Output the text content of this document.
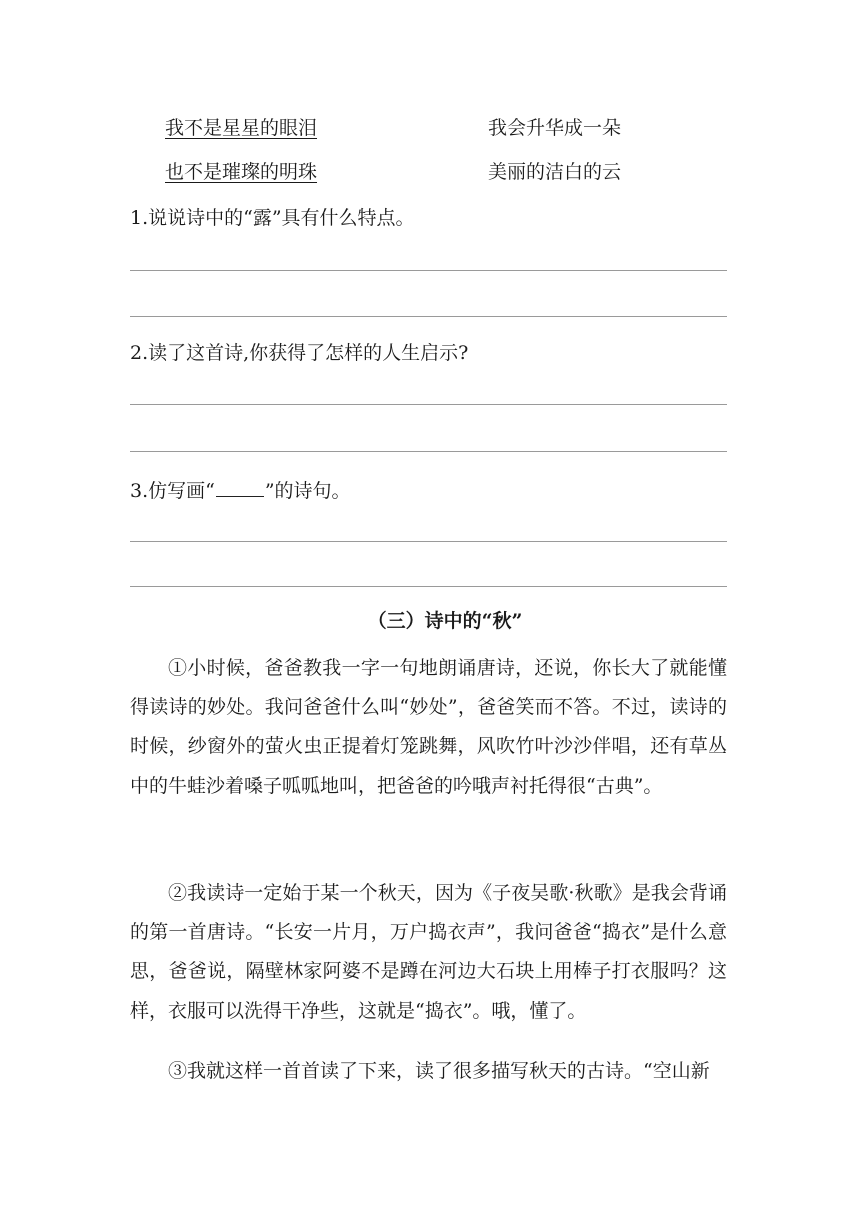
我不是星星的眼泪	我会升华成一朵
也不是璀璨的明珠	美丽的洁白的云
1.说说诗中的“露”具有什么特点。
2.读了这首诗,你获得了怎样的人生启示?
3.仿写画“	”的诗句。
（三）诗中的“秋”

①小时候，爸爸教我一字一句地朗诵唐诗，还说，你长大了就能懂得读诗的妙处。我问爸爸什么叫“妙处”，爸爸笑而不答。不过，读诗的时候，纱窗外的萤火虫正提着灯笼跳舞，风吹竹叶沙沙伴唱，还有草丛中的牛蛙沙着嗓子呱呱地叫，把爸爸的吟哦声衬托得很“古典”。

②我读诗一定始于某一个秋天，因为《子夜吴歌·秋歌》是我会背诵的第一首唐诗。“长安一片月，万户捣衣声”，我问爸爸“捣衣”是什么意思，爸爸说，隔壁林家阿婆不是蹲在河边大石块上用棒子打衣服吗？这样，衣服可以洗得干净些，这就是“捣衣”。哦，懂了。

③我就这样一首首读了下来，读了很多描写秋天的古诗。“空山新
